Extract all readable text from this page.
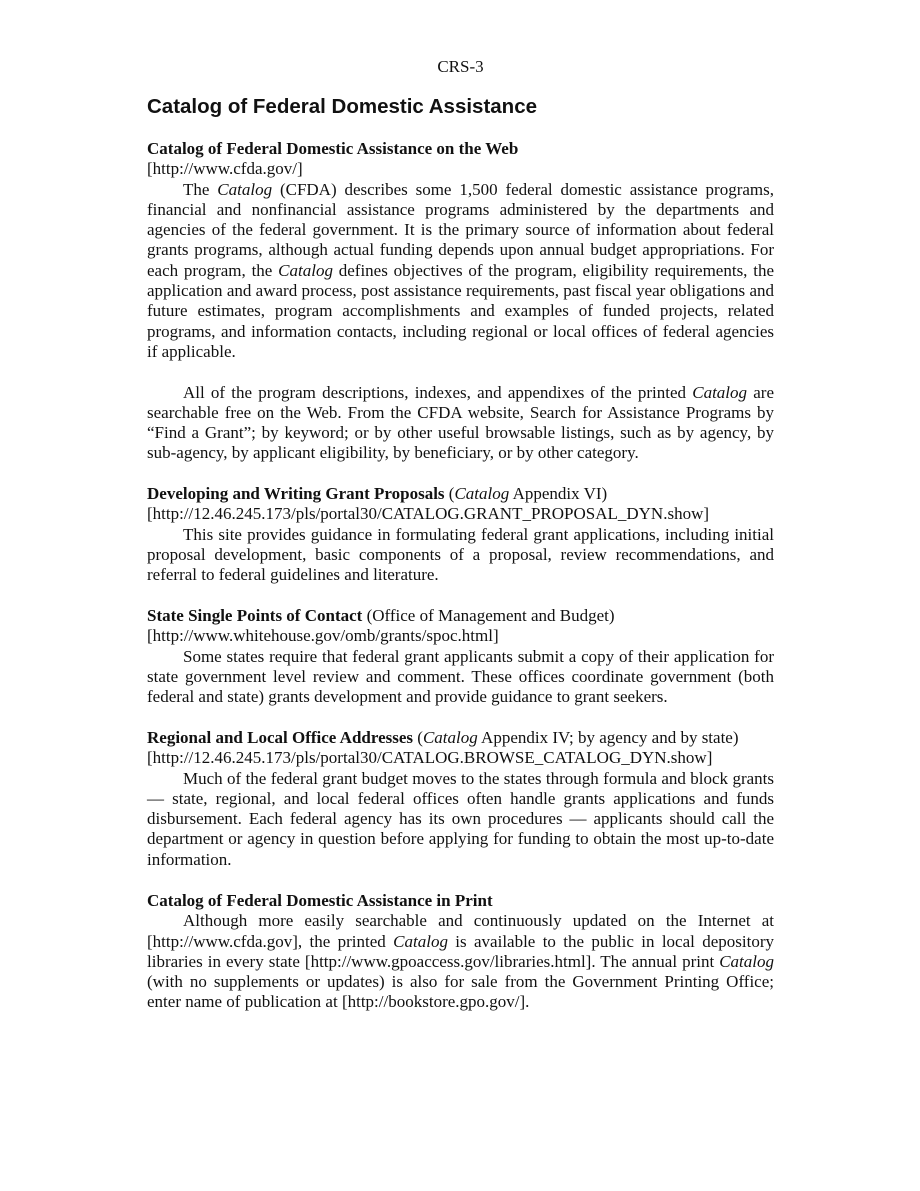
CRS-3
Catalog of Federal Domestic Assistance

Catalog of Federal Domestic Assistance on the Web

[http://www.cfda.gov/]

The Catalog (CFDA) describes some 1,500 federal domestic assistance programs, financial and nonfinancial assistance programs administered by the departments and agencies of the federal government. It is the primary source of information about federal grants programs, although actual funding depends upon annual budget appropriations. For each program, the Catalog defines objectives of the program, eligibility requirements, the application and award process, post assistance requirements, past fiscal year obligations and future estimates, program accomplishments and examples of funded projects, related programs, and information contacts, including regional or local offices of federal agencies if applicable.

All of the program descriptions, indexes, and appendixes of the printed Catalog are searchable free on the Web. From the CFDA website, Search for Assistance Programs by “Find a Grant”; by keyword; or by other useful browsable listings, such as by agency, by sub-agency, by applicant eligibility, by beneficiary, or by other category.

Developing and Writing Grant Proposals (Catalog Appendix VI)

[http://12.46.245.173/pls/portal30/CATALOG.GRANT_PROPOSAL_DYN.show]

This site provides guidance in formulating federal grant applications, including initial proposal development, basic components of a proposal, review recommendations, and referral to federal guidelines and literature.

State Single Points of Contact (Office of Management and Budget)

[http://www.whitehouse.gov/omb/grants/spoc.html]

Some states require that federal grant applicants submit a copy of their application for state government level review and comment. These offices coordinate government (both federal and state) grants development and provide guidance to grant seekers.

Regional and Local Office Addresses (Catalog Appendix IV; by agency and by state)

[http://12.46.245.173/pls/portal30/CATALOG.BROWSE_CATALOG_DYN.show]

Much of the federal grant budget moves to the states through formula and block grants — state, regional, and local federal offices often handle grants applications and funds disbursement. Each federal agency has its own procedures — applicants should call the department or agency in question before applying for funding to obtain the most up-to-date information.

Catalog of Federal Domestic Assistance in Print

Although more easily searchable and continuously updated on the Internet at [http://www.cfda.gov], the printed Catalog is available to the public in local depository libraries in every state [http://www.gpoaccess.gov/libraries.html]. The annual print Catalog (with no supplements or updates) is also for sale from the Government Printing Office; enter name of publication at [http://bookstore.gpo.gov/].
